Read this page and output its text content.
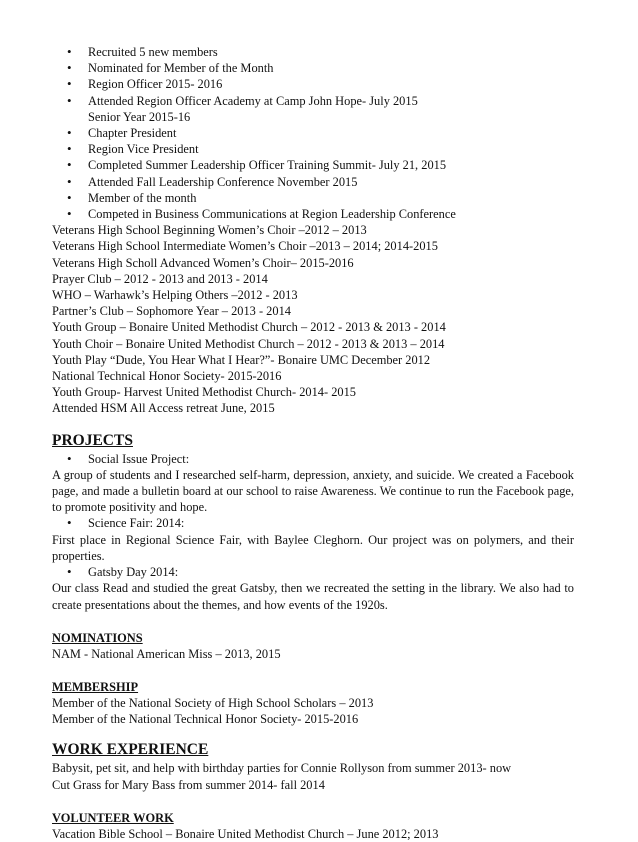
• Recruited 5 new members
• Nominated for Member of the Month
• Region Officer 2015- 2016
• Attended Region Officer Academy at Camp John Hope- July 2015
Senior Year 2015-16
• Chapter President
• Region Vice President
• Completed Summer Leadership Officer Training Summit- July 21, 2015
• Attended Fall Leadership Conference November 2015
• Member of the month
• Competed in Business Communications at Region Leadership Conference
Veterans High School Beginning Women’s Choir –2012 – 2013
Veterans High School Intermediate Women’s Choir –2013 – 2014; 2014-2015
Veterans High Scholl Advanced Women’s Choir– 2015-2016
Prayer Club – 2012 - 2013 and 2013 - 2014
WHO – Warhawk’s Helping Others –2012 - 2013
Partner’s Club – Sophomore Year – 2013 - 2014
Youth Group – Bonaire United Methodist Church – 2012 - 2013 & 2013 - 2014
Youth Choir – Bonaire United Methodist Church – 2012 - 2013 & 2013 – 2014
Youth Play “Dude, You Hear What I Hear?”- Bonaire UMC December 2012
National Technical Honor Society- 2015-2016
Youth Group- Harvest United Methodist Church- 2014- 2015
Attended HSM All Access retreat June, 2015
PROJECTS
• Social Issue Project:
A group of students and I researched self-harm, depression, anxiety, and suicide. We created a Facebook page, and made a bulletin board at our school to raise Awareness. We continue to run the Facebook page, to promote positivity and hope.
• Science Fair: 2014:
First place in Regional Science Fair, with Baylee Cleghorn. Our project was on polymers, and their properties.
• Gatsby Day 2014:
Our class Read and studied the great Gatsby, then we recreated the setting in the library. We also had to create presentations about the themes, and how events of the 1920s.
NOMINATIONS
NAM - National American Miss – 2013, 2015
MEMBERSHIP
Member of the National Society of High School Scholars – 2013
Member of the National Technical Honor Society- 2015-2016
WORK EXPERIENCE
Babysit, pet sit, and help with birthday parties for Connie Rollyson from summer 2013- now
Cut Grass for Mary Bass from summer 2014- fall 2014
VOLUNTEER WORK
Vacation Bible School – Bonaire United Methodist Church – June 2012; 2013
